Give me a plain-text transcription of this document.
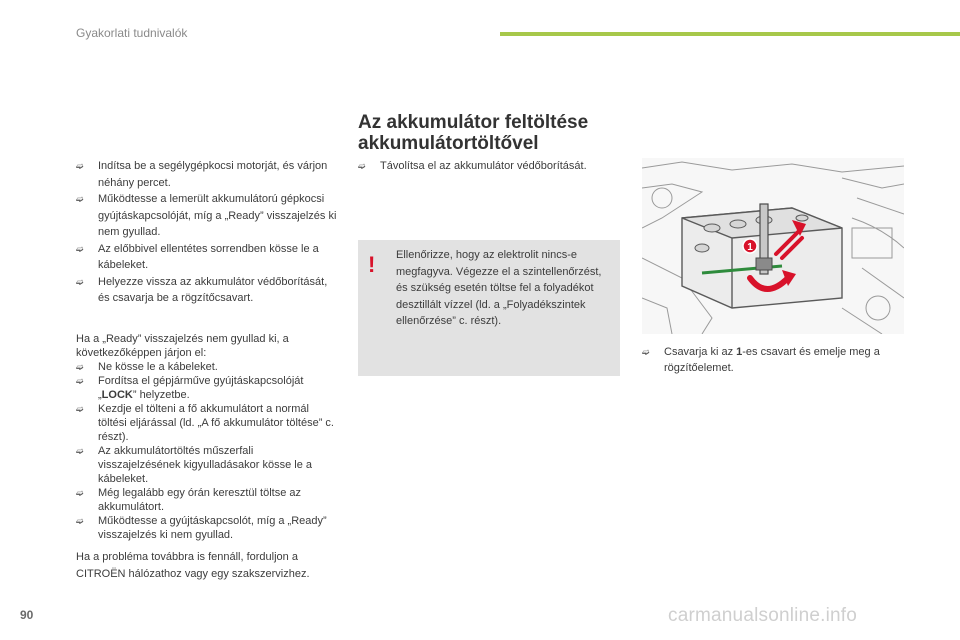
Gyakorlati tudnivalók
Az akkumulátor feltöltése
akkumulátortöltővel
➫ Indítsa be a segélygépkocsi motorját, és várjon néhány percet.
➫ Működtesse a lemerült akkumulátorú gépkocsi gyújtáskapcsolóját, míg a „Ready” visszajelzés ki nem gyullad.
➫ Az előbbivel ellentétes sorrendben kösse le a kábeleket.
➫ Helyezze vissza az akkumulátor védőborítását, és csavarja be a rögzítőcsavart.
Ha a „Ready” visszajelzés nem gyullad ki, a következőképpen járjon el:
➫ Ne kösse le a kábeleket.
➫ Fordítsa el gépjárműve gyújtáskapcsolóját
„LOCK” helyzetbe.
➫ Kezdje el tölteni a fő akkumulátort a normál töltési eljárással (ld. „A fő akkumulátor töltése” c. részt).
➫ Az akkumulátortöltés műszerfali visszajelzésének kigyulladásakor kösse le a kábeleket.
➫ Még legalább egy órán keresztül töltse az akkumulátort.
➫ Működtesse a gyújtáskapcsolót, míg a „Ready” visszajelzés ki nem gyullad.
Ha a probléma továbbra is fennáll, forduljon a CITROËN hálózathoz vagy egy szakszervizhez.
➫ Távolítsa el az akkumulátor védőborítását.
! Ellenőrizze, hogy az elektrolit nincs-e megfagyva. Végezze el a szintellenőrzést, és szükség esetén töltse fel a folyadékot desztillált vízzel (ld. a „Folyadékszintek ellenőrzése” c. részt).
1
➫ Csavarja ki az 1-es csavart és emelje meg a rögzítőelemet.
90	carmanualsonline.info
